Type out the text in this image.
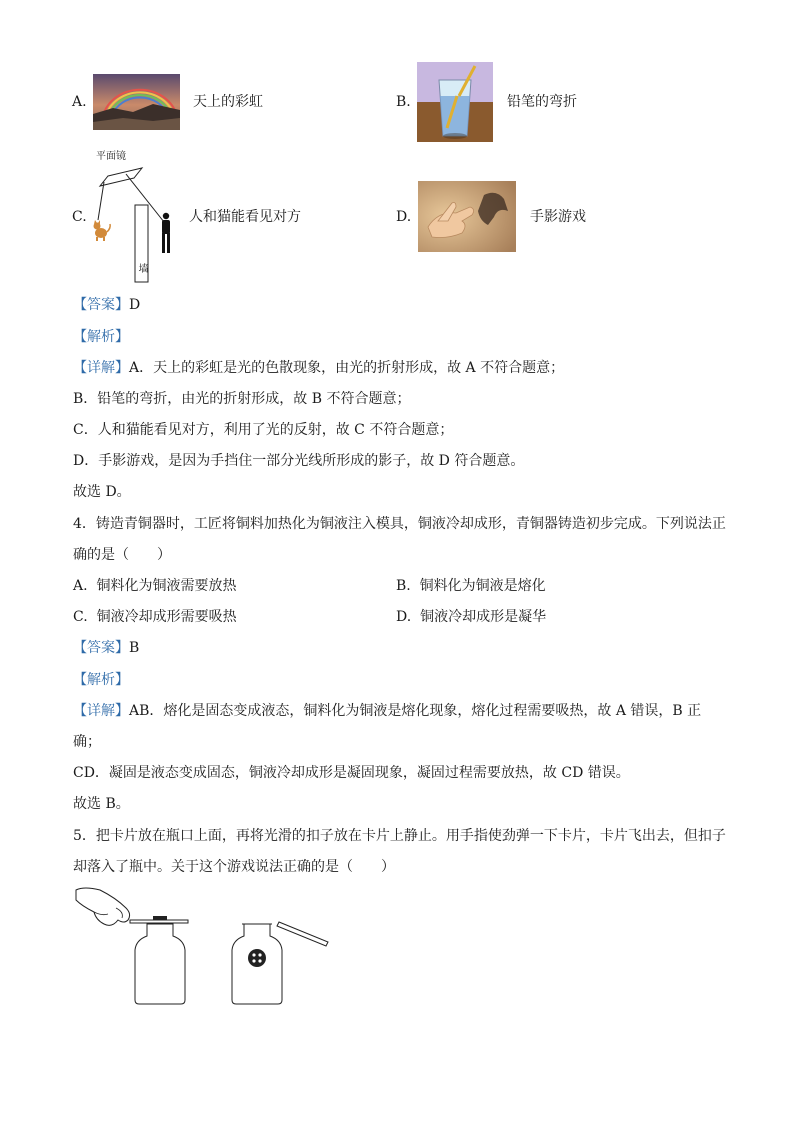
A.	天上的彩虹	B.	铅笔的弯折
C.
平面镜
墙
人和猫能看见对方	D.	手影游戏
【答案】D
【解析】
【详解】A．天上的彩虹是光的色散现象，由光的折射形成，故 A 不符合题意；
B．铅笔的弯折，由光的折射形成，故 B 不符合题意；
C．人和猫能看见对方，利用了光的反射，故 C 不符合题意；
D．手影游戏，是因为手挡住一部分光线所形成的影子，故 D 符合题意。
故选 D。
4．铸造青铜器时，工匠将铜料加热化为铜液注入模具，铜液冷却成形，青铜器铸造初步完成。下列说法正
确的是（　　）
A. 铜料化为铜液需要放热	B. 铜料化为铜液是熔化
C. 铜液冷却成形需要吸热	D. 铜液冷却成形是凝华
【答案】B
【解析】
【详解】AB．熔化是固态变成液态，铜料化为铜液是熔化现象，熔化过程需要吸热，故 A 错误，B 正
确；
CD．凝固是液态变成固态，铜液冷却成形是凝固现象，凝固过程需要放热，故 CD 错误。
故选 B。
5．把卡片放在瓶口上面，再将光滑的扣子放在卡片上静止。用手指使劲弹一下卡片，卡片飞出去，但扣子
却落入了瓶中。关于这个游戏说法正确的是（　　）
